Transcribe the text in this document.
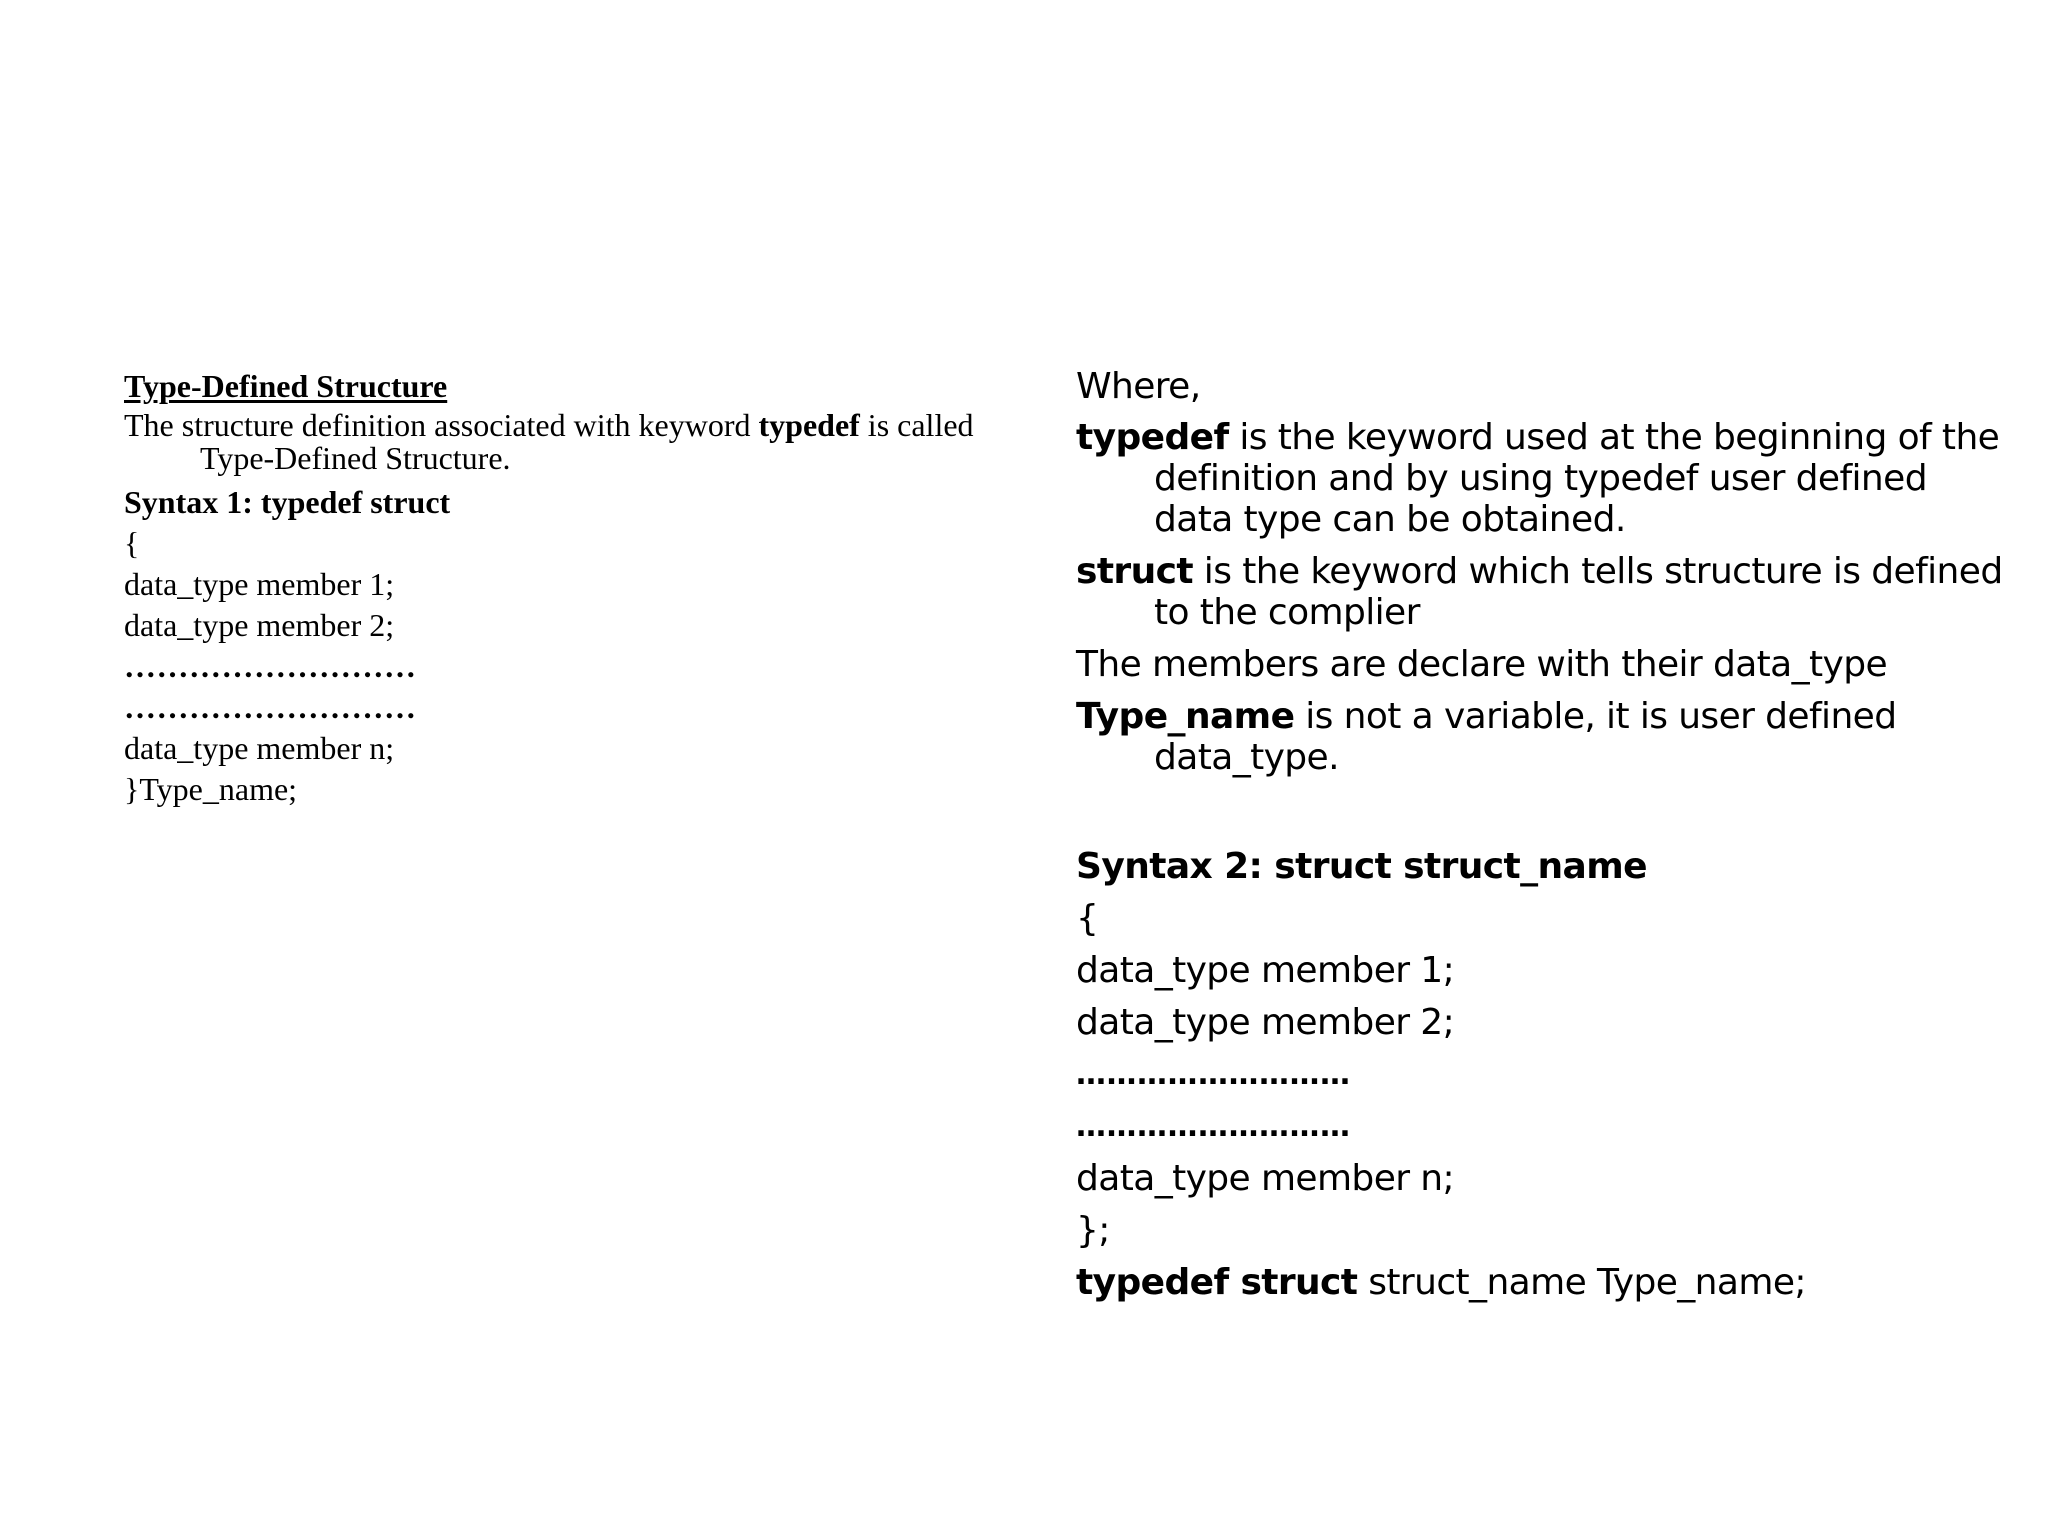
Type-Defined Structure
The structure definition associated with keyword typedef is called Type-Defined Structure.
Syntax 1: typedef struct
{
data_type member 1;
data_type member 2;
………………………
………………………
data_type member n;
}Type_name;
Where,
typedef is the keyword used at the beginning of the definition and by using typedef user defined data type can be obtained.
struct is the keyword which tells structure is defined to the complier
The members are declare with their data_type
Type_name is not a variable, it is user defined data_type.
Syntax 2: struct struct_name
{
data_type member 1;
data_type member 2;
………………………
………………………
data_type member n;
};
typedef struct struct_name Type_name;
